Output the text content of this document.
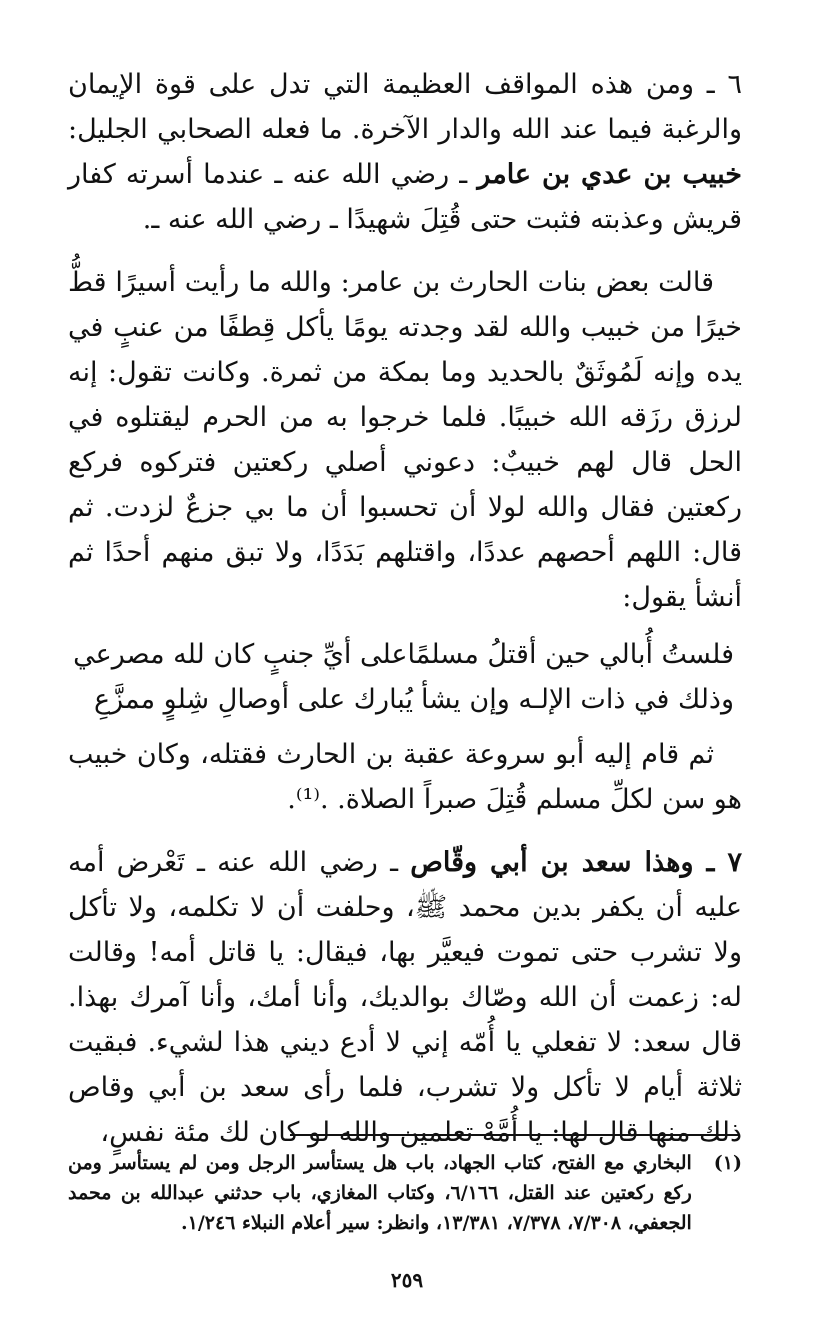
٦ ـ ومن هذه المواقف العظيمة التي تدل على قوة الإيمان والرغبة فيما عند الله والدار الآخرة. ما فعله الصحابي الجليل: خبيب بن عدي بن عامر ـ رضي الله عنه ـ عندما أسرته كفار قريش وعذبته فثبت حتى قُتِلَ شهيدًا ـ رضي الله عنه ـ.

قالت بعض بنات الحارث بن عامر: والله ما رأيت أسيرًا قطُّ خيرًا من خبيب والله لقد وجدته يومًا يأكل قِطفًا من عنبٍ في يده وإنه لَمُوثَقٌ بالحديد وما بمكة من ثمرة. وكانت تقول: إنه لرزق رزَقه الله خبيبًا. فلما خرجوا به من الحرم ليقتلوه في الحل قال لهم خبيبٌ: دعوني أصلي ركعتين فتركوه فركع ركعتين فقال والله لولا أن تحسبوا أن ما بي جزعٌ لزدت. ثم قال: اللهم أحصهم عددًا، واقتلهم بَدَدًا، ولا تبق منهم أحدًا ثم أنشأ يقول:

فلستُ أُبالي حين أقتلُ مسلمًا
على أيِّ جنبٍ كان لله مصرعي
وذلك في ذات الإلـه وإن يشأ
يُبارك على أوصالِ شِلوٍ ممزَّعِ

ثم قام إليه أبو سروعة عقبة بن الحارث فقتله، وكان خبيب هو سن لكلِّ مسلم قُتِلَ صبراً الصلاة. .⁽¹⁾.

٧ ـ وهذا سعد بن أبي وقّاص ـ رضي الله عنه ـ تَعْرض أمه عليه أن يكفر بدين محمد ﷺ، وحلفت أن لا تكلمه، ولا تأكل ولا تشرب حتى تموت فيعيَّر بها، فيقال: يا قاتل أمه! وقالت له: زعمت أن الله وصّاك بوالديك، وأنا أمك، وأنا آمرك بهذا. قال سعد: لا تفعلي يا أُمّه إني لا أدع ديني هذا لشيء. فبقيت ثلاثة أيام لا تأكل ولا تشرب، فلما رأى سعد بن أبي وقاص ذلك منها قال لها: يا أُمَّهْ تعلمين والله لو كان لك مئة نفسٍ،

(١)
البخاري مع الفتح، كتاب الجهاد، باب هل يستأسر الرجل ومن لم يستأسر ومن ركع ركعتين عند القتل، ٦/١٦٦، وكتاب المغازي، باب حدثني عبدالله بن محمد الجعفي، ٧/٣٠٨، ٧/٣٧٨، ١٣/٣٨١، وانظر: سير أعلام النبلاء ١/٢٤٦.
٢٥٩
